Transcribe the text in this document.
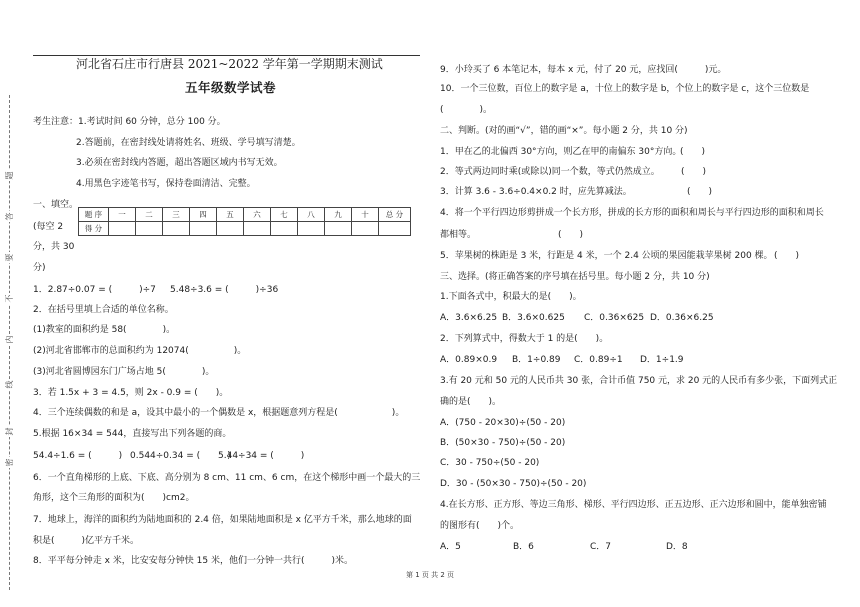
题
答
要
不
内
线
封
密
河北省石庄市行唐县 2021~2022 学年第一学期期末测试
五年级数学试卷
考生注意： 1.考试时间 60 分钟，总分 100 分。
2.答题前，在密封线处请将姓名、班级、学号填写清楚。
3.必须在密封线内答题，超出答题区域内书写无效。
4.用黑色字迹笔书写，保持卷面清洁、完整。
一、填空。
(每空 2
分，共 30
分)
题 序	一	二	三	四	五	六	七	八	九	十	总 分
得 分											
1．2.87÷0.07 = (　　　)÷7 5.48÷3.6 = (　　　)÷36
2．在括号里填上合适的单位名称。
(1)教室的面积约是 58(　　　　)。
(2)河北省邯郸市的总面积约为 12074(　　　　　)。
(3)河北省圆博园东门广场占地 5(　　　　)。
3．若 1.5x + 3 = 4.5，则 2x - 0.9 = (　　)。
4．三个连续偶数的和是 a，设其中最小的一个偶数是 x，根据题意列方程是(　　　　　　)。
5.根据 16×34 = 544，直接写出下列各题的商。
54.4÷1.6 = (　　　) 0.544÷0.34 = (　　　)
5.44÷34 = (　　　)
6．一个直角梯形的上底、下底、高分别为 8 cm、11 cm、6 cm，在这个梯形中画一个最大的三
角形，这个三角形的面积为(　　)cm2。
7．地球上，海洋的面积约为陆地面积的 2.4 倍，如果陆地面积是 x 亿平方千米，那么地球的面
积是(　　　)亿平方千米。
8．平平每分钟走 x 米，比安安每分钟快 15 米，他们一分钟一共行(　　　)米。
9．小玲买了 6 本笔记本，每本 x 元，付了 20 元，应找回(　　　)元。
10．一个三位数，百位上的数字是 a，十位上的数字是 b，个位上的数字是 c，这个三位数是
(　　　　)。
二、判断。(对的画“√”，错的画“×”。每小题 2 分，共 10 分)
1．甲在乙的北偏西 30°方向，则乙在甲的南偏东 30°方向。
(　　)
2．等式两边同时乘(或除以)同一个数，等式仍然成立。 (　　)
3．计算 3.6 - 3.6÷0.4×0.2 时，应先算减法。	(　　)
4．将一个平行四边形剪拼成一个长方形，拼成的长方形的面积和周长与平行四边形的面积和周长
都相等。	(　　)
5．苹果树的株距是 3 米，行距是 4 米，一个 2.4 公顷的果园能栽苹果树 200 棵。 (　　)
三、选择。(将正确答案的序号填在括号里。每小题 2 分，共 10 分)
1.下面各式中，积最大的是(　　)。
A．3.6×6.25 B．3.6×0.625 C．0.36×625 D．0.36×6.25
2．下列算式中，得数大于 1 的是(　　)。
A．0.89×0.9 B．1÷0.89 C．0.89÷1 D．1÷1.9
3.有 20 元和 50 元的人民币共 30 张，合计币值 750 元，求 20 元的人民币有多少张，下面列式正
确的是(　　)。
A．(750 - 20×30)÷(50 - 20)
B．(50×30 - 750)÷(50 - 20)
C．30 - 750÷(50 - 20)
D．30 - (50×30 - 750)÷(50 - 20)
4.在长方形、正方形、等边三角形、梯形、平行四边形、正五边形、正六边形和圆中，能单独密铺
的图形有(　　)个。
A．5	B．6	C．7	D．8
第 1 页 共 2 页
